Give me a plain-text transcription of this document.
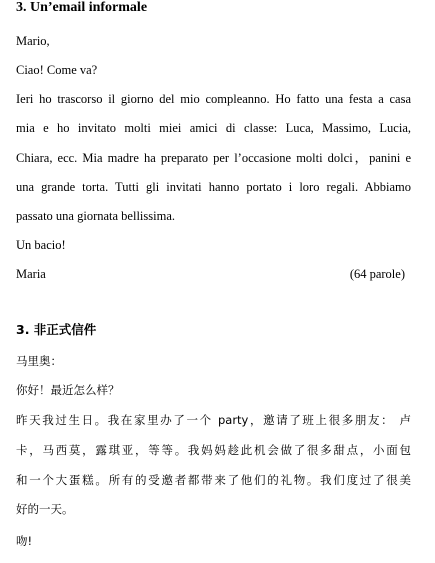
3. Un’email informale
Mario,
Ciao! Come va?
Ieri ho trascorso il giorno del mio compleanno. Ho fatto una festa a casa
mia e ho invitato molti miei amici di classe: Luca, Massimo, Lucia,
Chiara, ecc. Mia madre ha preparato per l’occasione molti dolci，panini e
una grande torta. Tutti gli invitati hanno portato i loro regali. Abbiamo
passato una giornata bellissima.
Un bacio!
Maria	(64 parole)
3. 非正式信件
马里奥：
你好！最近怎么样？
昨天我过生日。我在家里办了一个 party，邀请了班上很多朋友： 卢
卡，马西莫，露琪亚，等等。我妈妈趁此机会做了很多甜点，小面包
和一个大蛋糕。所有的受邀者都带来了他们的礼物。我们度过了很美
好的一天。
吻!
